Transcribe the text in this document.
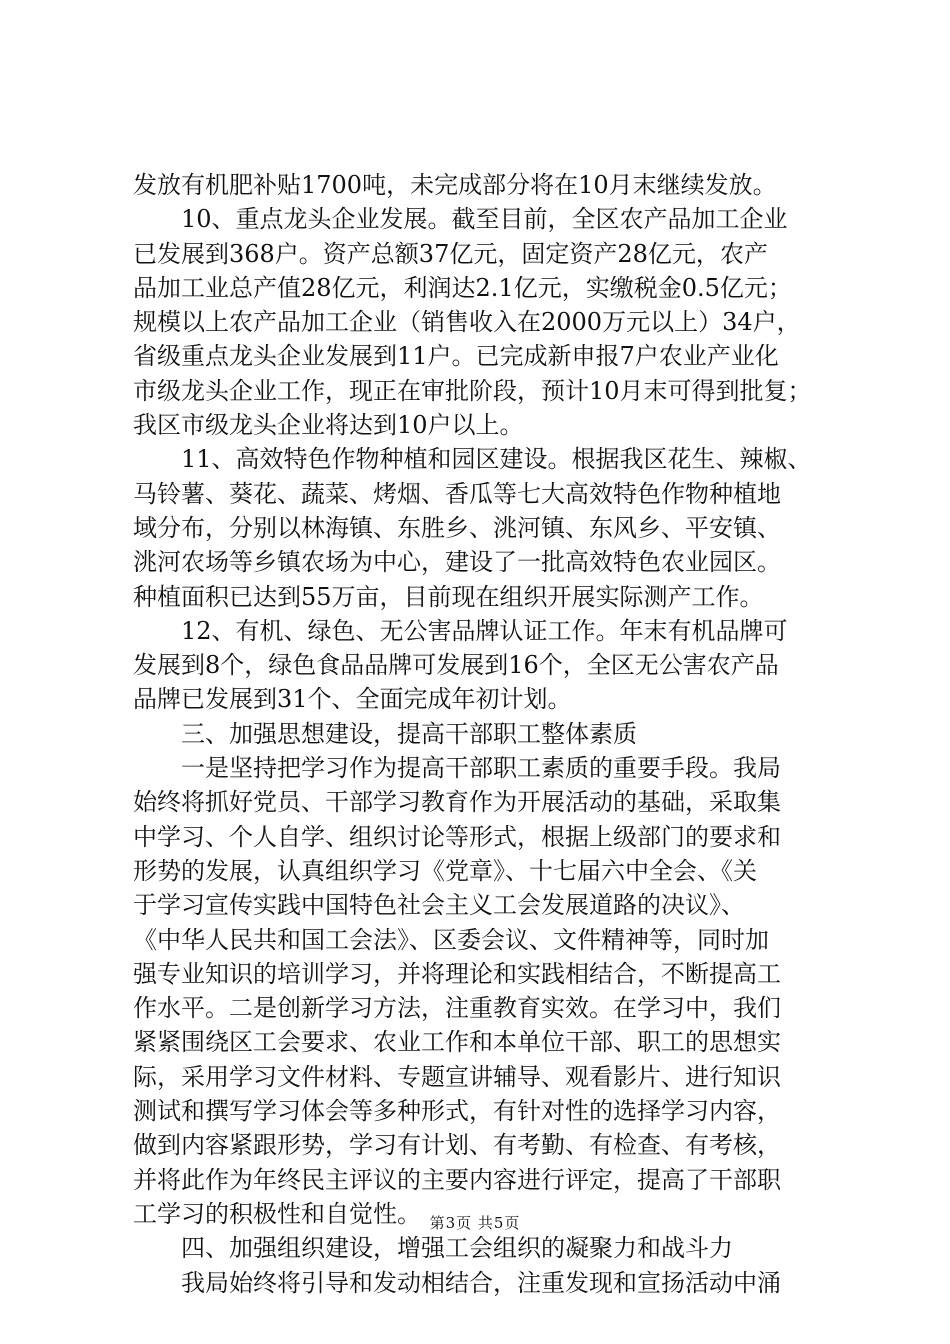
发放有机肥补贴1700吨，未完成部分将在10月末继续发放。
　　10、重点龙头企业发展。截至目前，全区农产品加工企业
已发展到368户。资产总额37亿元，固定资产28亿元，农产
品加工业总产值28亿元，利润达2.1亿元，实缴税金0.5亿元；
规模以上农产品加工企业（销售收入在2000万元以上）34户，
省级重点龙头企业发展到11户。已完成新申报7户农业产业化
市级龙头企业工作，现正在审批阶段，预计10月末可得到批复；
我区市级龙头企业将达到10户以上。
　　11、高效特色作物种植和园区建设。根据我区花生、辣椒、
马铃薯、葵花、蔬菜、烤烟、香瓜等七大高效特色作物种植地
域分布，分别以林海镇、东胜乡、洮河镇、东风乡、平安镇、
洮河农场等乡镇农场为中心，建设了一批高效特色农业园区。
种植面积已达到55万亩，目前现在组织开展实际测产工作。
　　12、有机、绿色、无公害品牌认证工作。年末有机品牌可
发展到8个，绿色食品品牌可发展到16个，全区无公害农产品
品牌已发展到31个、全面完成年初计划。
　　三、加强思想建设，提高干部职工整体素质
　　一是坚持把学习作为提高干部职工素质的重要手段。我局
始终将抓好党员、干部学习教育作为开展活动的基础，采取集
中学习、个人自学、组织讨论等形式，根据上级部门的要求和
形势的发展，认真组织学习《党章》、十七届六中全会、《关
于学习宣传实践中国特色社会主义工会发展道路的决议》、
《中华人民共和国工会法》、区委会议、文件精神等，同时加
强专业知识的培训学习，并将理论和实践相结合，不断提高工
作水平。二是创新学习方法，注重教育实效。在学习中，我们
紧紧围绕区工会要求、农业工作和本单位干部、职工的思想实
际，采用学习文件材料、专题宣讲辅导、观看影片、进行知识
测试和撰写学习体会等多种形式，有针对性的选择学习内容，
做到内容紧跟形势，学习有计划、有考勤、有检查、有考核，
并将此作为年终民主评议的主要内容进行评定，提高了干部职
工学习的积极性和自觉性。
　　四、加强组织建设，增强工会组织的凝聚力和战斗力
　　我局始终将引导和发动相结合，注重发现和宣扬活动中涌
第3页 共5页
